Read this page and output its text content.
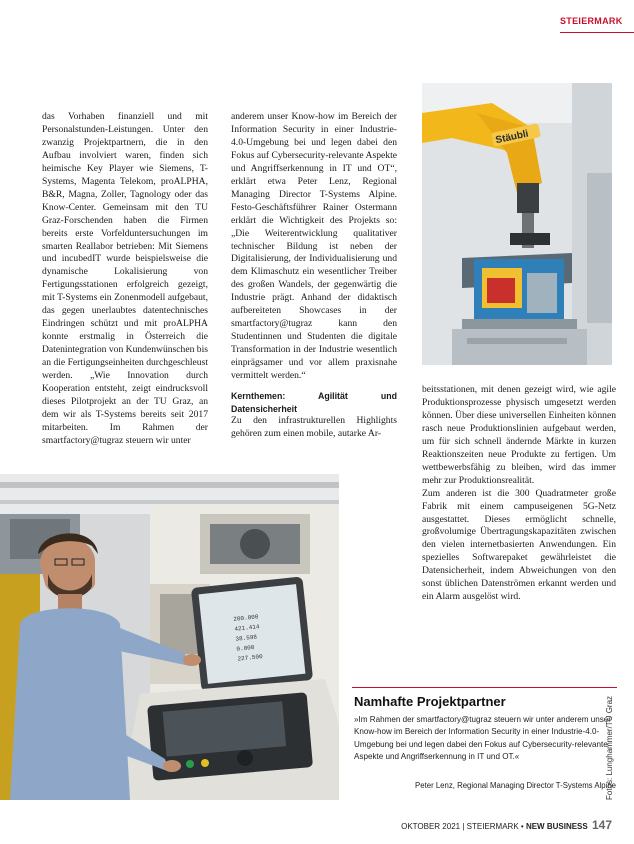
STEIERMARK

das Vorhaben finanziell und mit Personalstunden-Leistungen. Unter den zwanzig Projektpartnern, die in den Aufbau involviert waren, finden sich heimische Key Player wie Siemens, T-Systems, Magenta Telekom, proALPHA, B&R, Magna, Zoller, Tagnology oder das Know-Center. Gemeinsam mit den TU Graz-Forschenden haben die Firmen bereits erste Vorfelduntersuchungen im smarten Reallabor betrieben: Mit Siemens und incubedIT wurde beispielsweise die dynamische Lokalisierung von Fertigungsstationen erfolgreich gezeigt, mit T-Systems ein Zonenmodell aufgebaut, das gegen unerlaubtes datentechnisches Eindringen schützt und mit proALPHA konnte erstmalig in Österreich die Datenintegration von Kundenwünschen bis an die Fertigungseinheiten durchgeschleust werden. „Wie Innovation durch Kooperation entsteht, zeigt eindrucksvoll dieses Pilotprojekt an der TU Graz, an dem wir als T-Systems bereits seit 2017 mitarbeiten. Im Rahmen der smartfactory@tugraz steuern wir unter

anderem unser Know-how im Bereich der Information Security in einer Industrie-4.0-Umgebung bei und legen dabei den Fokus auf Cybersecurity-relevante Aspekte und Angriffserkennung in IT und OT“, erklärt etwa Peter Lenz, Regional Managing Director T-Systems Alpine. Festo-Geschäftsführer Rainer Ostermann erklärt die Wichtigkeit des Projekts so: „Die Weiterentwicklung qualitativer technischer Bildung ist neben der Digitalisierung, der Individualisierung und dem Klimaschutz ein wesentlicher Treiber des großen Wandels, der gegenwärtig die Industrie prägt. Anhand der didaktisch aufbereiteten Showcases in der smartfactory@tugraz kann den Studentinnen und Studenten die digitale Transformation in der Industrie wesentlich einprägsamer und vor allem praxisnahe vermittelt werden.“

Kernthemen: Agilität und Datensicherheit

Zu den infrastrukturellen Highlights gehören zum einen mobile, autarke Ar-

beitsstationen, mit denen gezeigt wird, wie agile Produktionsprozesse physisch umgesetzt werden können. Über diese universellen Einheiten können rasch neue Produktionslinien aufgebaut werden, um für sich schnell ändernde Märkte in kurzen Reaktionszeiten neue Produkte zu fertigen. Um wettbewerbsfähig zu bleiben, wird das immer mehr zur Produktionsrealität.

Zum anderen ist die 300 Quadratmeter große Fabrik mit einem campuseigenen 5G-Netz ausgestattet. Dieses ermöglicht schnelle, großvolumige Übertragungskapazitäten zwischen den vielen internetbasierten Anwendungen. Ein spezielles Softwarepaket gewährleistet die Datensicherheit, indem Abweichungen von den sonst üblichen Datenströmen erkannt werden und ein Alarm ausgelöst wird.

Stäubli
200.000
421.414
38.598
0.000
227.500
Namhafte Projektpartner
»Im Rahmen der smartfactory@tugraz steuern wir unter anderem unser Know-how im Bereich der Information Security in einer Industrie-4.0-Umgebung bei und legen dabei den Fokus auf Cybersecurity-relevante Aspekte und Angriffserkennung in IT und OT.«
Peter Lenz, Regional Managing Director T-Systems Alpine
Fotos: Lunghammer/TU Graz
OKTOBER 2021 | STEIERMARK • NEW BUSINESS 147
